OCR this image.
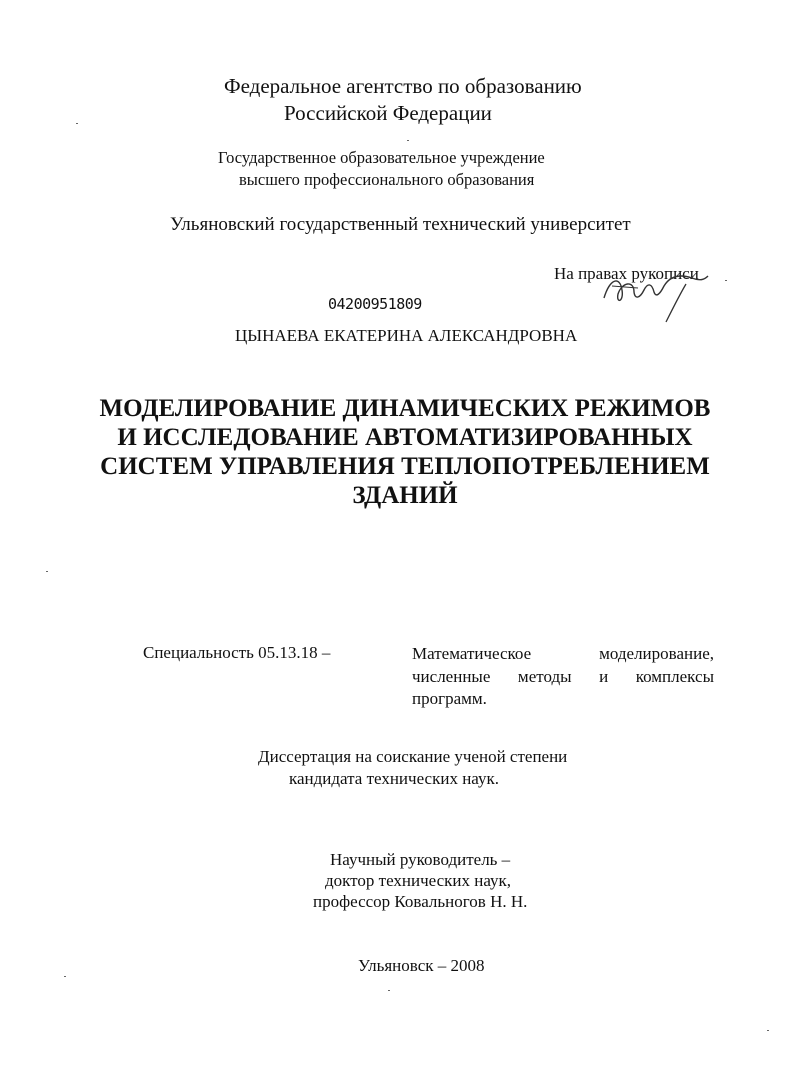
Федеральное агентство по образованию
Российской Федерации
Государственное образовательное учреждение
высшего профессионального образования
Ульяновский государственный технический университет
На правах рукописи
04200951809
ЦЫНАЕВА ЕКАТЕРИНА АЛЕКСАНДРОВНА
МОДЕЛИРОВАНИЕ ДИНАМИЧЕСКИХ РЕЖИМОВ
И ИССЛЕДОВАНИЕ АВТОМАТИЗИРОВАННЫХ
СИСТЕМ УПРАВЛЕНИЯ ТЕПЛОПОТРЕБЛЕНИЕМ
ЗДАНИЙ
Специальность 05.13.18 –	Математическое моделирование, численные методы и комплексы программ.
Диссертация на соискание ученой степени
кандидата технических наук.
Научный руководитель –
доктор технических наук,
профессор Ковальногов Н. Н.
Ульяновск – 2008
